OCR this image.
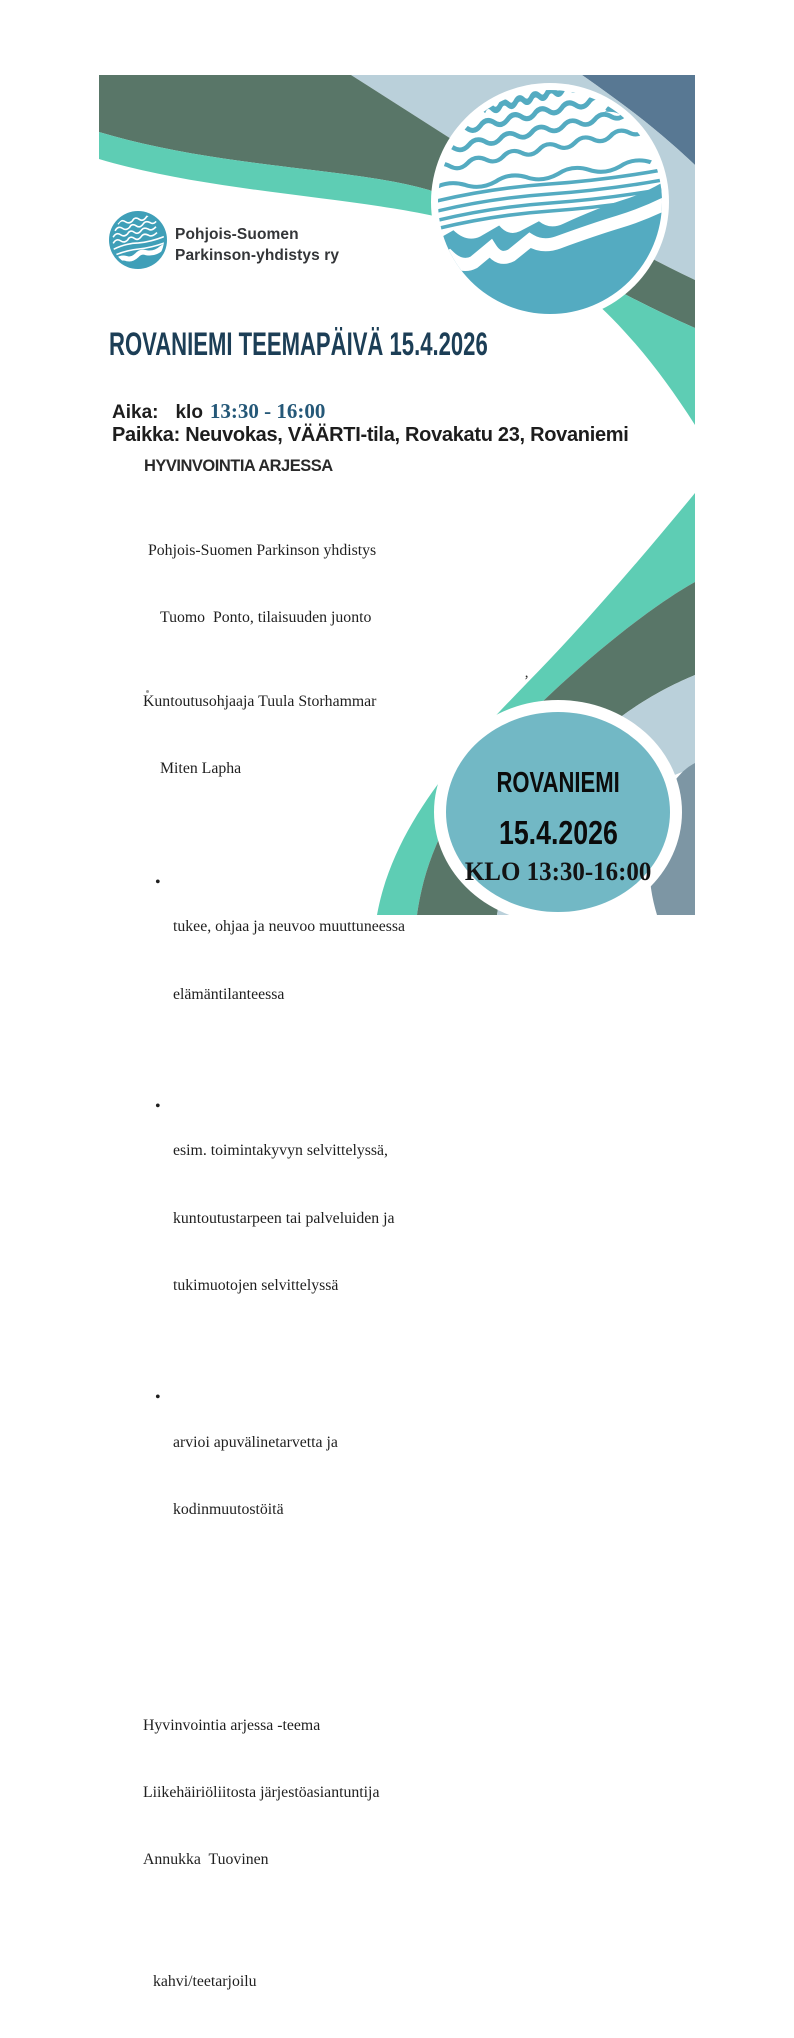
Pohjois-Suomen
Parkinson-yhdistys ry
ROVANIEMI TEEMAPÄIVÄ 15.4.2026
Aika: klo 13:30 - 16:00
Paikka: Neuvokas, VÄÄRTI-tila, Rovakatu 23, Rovaniemi
HYVINVOINTIA ARJESSA

Pohjois-Suomen Parkinson yhdistys

Tuomo  Ponto, tilaisuuden juonto

Kuntoutusohjaaja Tuula Storhammar

Miten Lapha

• tukee, ohjaa ja neuvoo muuttuneessa

elämäntilanteessa

• esim. toimintakyvyn selvittelyssä,

kuntoutustarpeen tai palveluiden ja

tukimuotojen selvittelyssä

• arvioi apuvälinetarvetta ja

kodinmuutostöitä

Hyvinvointia arjessa -teema

Liikehäiriöliitosta järjestöasiantuntija

Annukka  Tuovinen

kahvi/teetarjoilu

ROVANIEMI
15.4.2026
KLO 13:30-16:00
’
